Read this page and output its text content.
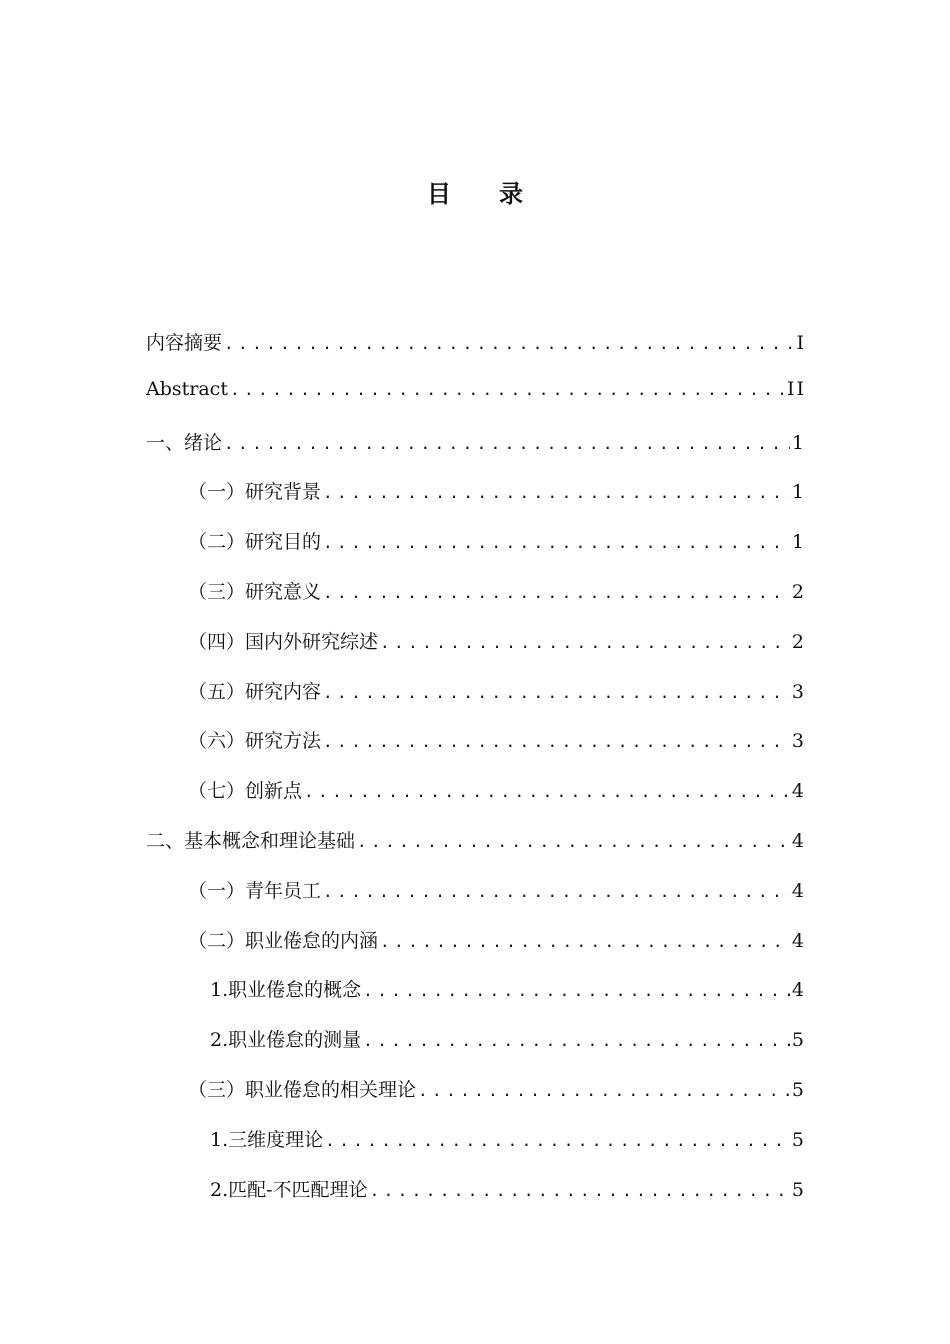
目 录
内容摘要 .....	I
Abstract .....	II
一、绪论 .....	1
（一）研究背景 .....	1
（二）研究目的 .....	1
（三）研究意义 .....	2
（四）国内外研究综述 .....	2
（五）研究内容 .....	3
（六）研究方法 .....	3
（七）创新点 .....	4
二、基本概念和理论基础 .....	4
（一）青年员工 .....	4
（二）职业倦怠的内涵 .....	4
1. 职业倦怠的概念 .....	4
2. 职业倦怠的测量 .....	5
（三）职业倦怠的相关理论 .....	5
1. 三维度理论 .....	5
2. 匹配-不匹配理论 .....	5
